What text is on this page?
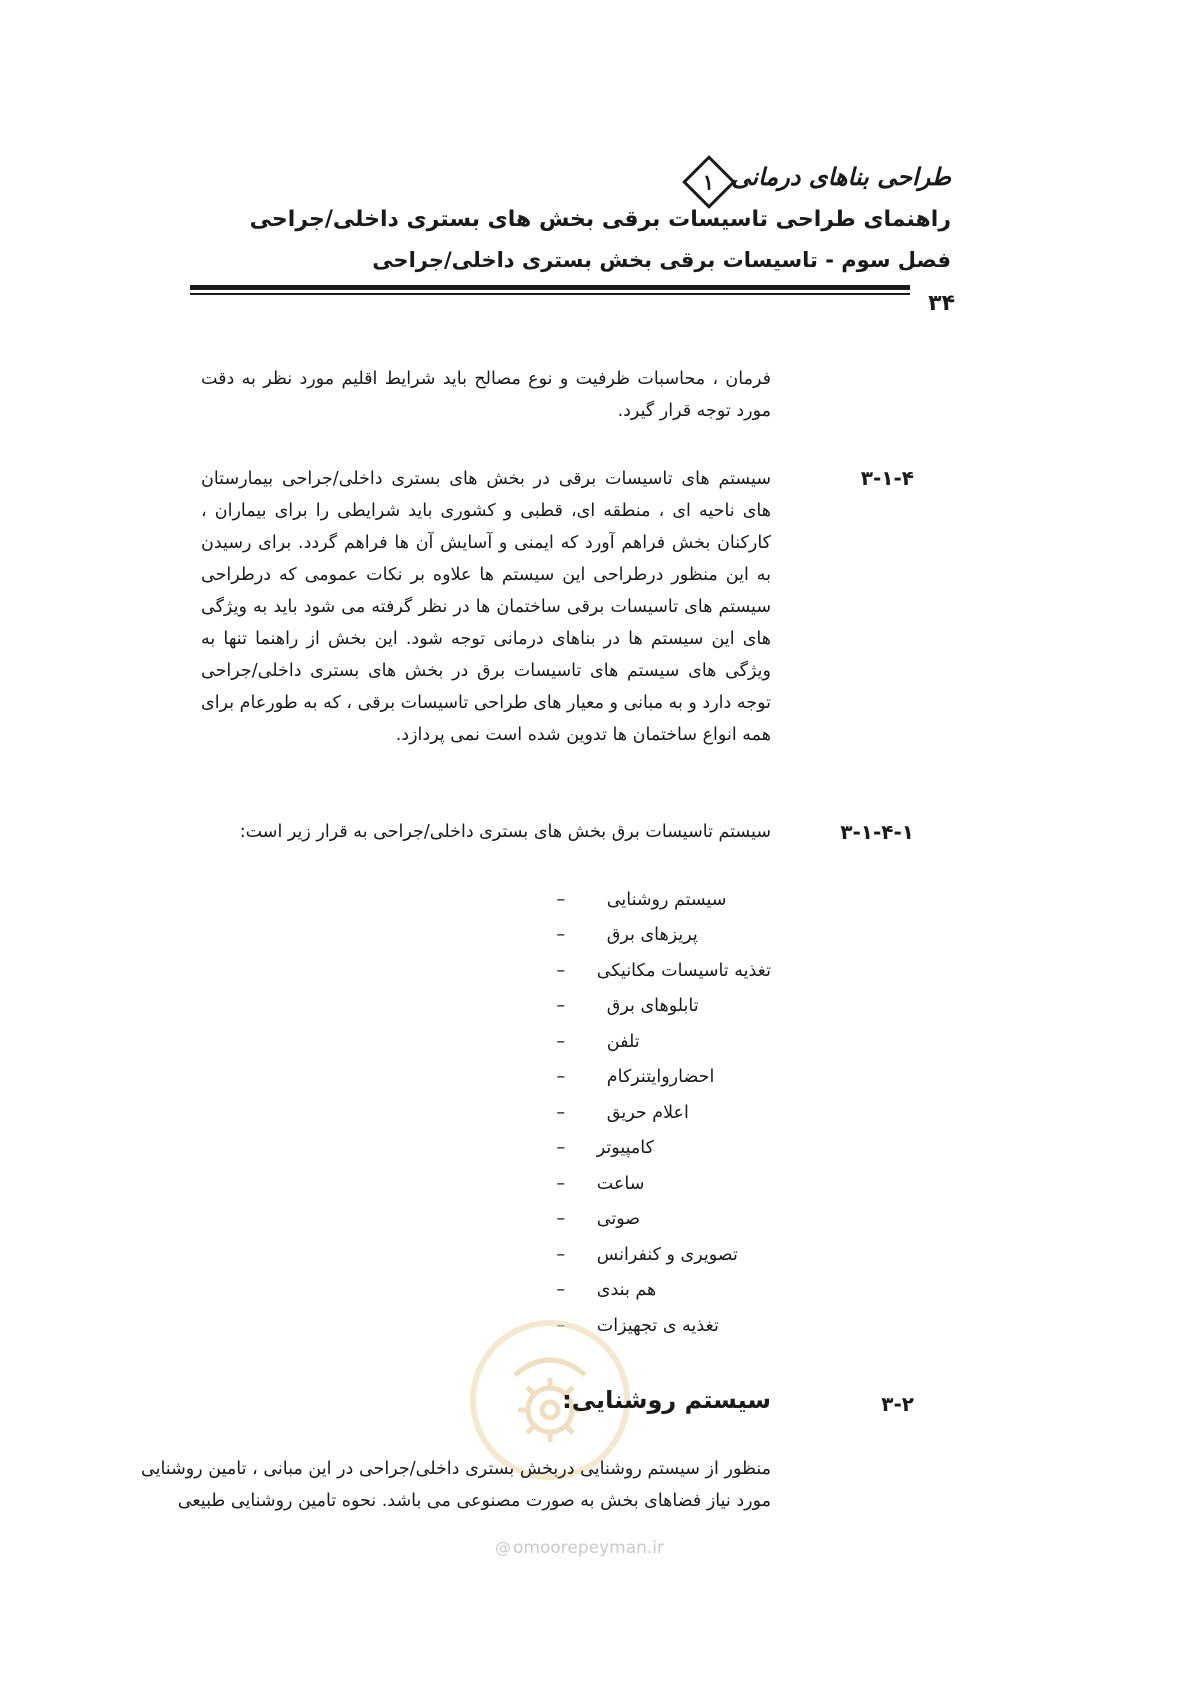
طراحی بناهای درمانی
۱
راهنمای طراحی تاسیسات برقی بخش های بستری داخلی/جراحی
فصل سوم - تاسیسات برقی بخش بستری داخلی/جراحی
۳۴
فرمان ، محاسبات ظرفیت و نوع مصالح باید شرایط اقلیم مورد نظر به دقت مورد توجه قرار گیرد.
۳-۱-۴
سیستم های تاسیسات برقی در بخش های بستری داخلی/جراحی بیمارستان های ناحیه ای ، منطقه ای، قطبی و کشوری باید شرایطی را برای بیماران ، کارکنان بخش فراهم آورد که ایمنی و آسایش آن ها فراهم گردد. برای رسیدن به این منظور درطراحی این سیستم ها علاوه بر نکات عمومی که درطراحی سیستم های تاسیسات برقی ساختمان ها در نظر گرفته می شود باید به ویژگی های این سیستم ها در بناهای درمانی توجه شود. این بخش از راهنما تنها به ویژگی های سیستم های تاسیسات برق در بخش های بستری داخلی/جراحی توجه دارد و به مبانی و معیار های طراحی تاسیسات برقی ، که به طورعام برای همه انواع ساختمان ها تدوین شده است نمی پردازد.
۳-۱-۴-۱
سیستم تاسیسات برق بخش های بستری داخلی/جراحی به قرار زیر است:
سیستم روشنایی
–
پریزهای برق
–
تغذیه تاسیسات مکانیکی
–
تابلوهای برق
–
تلفن
–
احضاروایتنرکام
–
اعلام حریق
–
کامپیوتر
–
ساعت
–
صوتی
–
تصویری و کنفرانس
–
هم بندی
–
تغذیه ی تجهیزات
–
۳-۲
سیستم روشنایی:
منظور از سیستم روشنایی دربخش بستری داخلی/جراحی در این مبانی ، تامین روشنایی مورد نیاز فضاهای بخش به صورت مصنوعی می باشد. نحوه تامین روشنایی طبیعی
@ omoorepeyman.ir
